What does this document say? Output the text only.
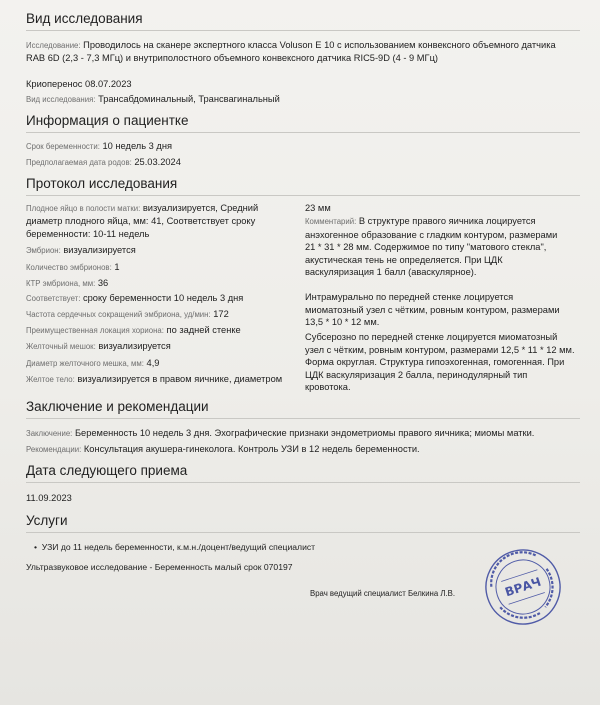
Вид исследования
Исследование: Проводилось на сканере экспертного класса Voluson E 10 с использованием конвексного объемного датчика
RAB 6D (2,3 - 7,3 МГц) и внутриполостного объемного конвексного датчика RIC5-9D (4 - 9 МГц)
Криоперенос 08.07.2023
Вид исследования: Трансабдоминальный, Трансвагинальный
Информация о пациентке
Срок беременности: 10 недель 3 дня
Предполагаемая дата родов: 25.03.2024
Протокол исследования
Плодное яйцо в полости матки: визуализируется, Средний
диаметр плодного яйца, мм: 41, Соответствует сроку
беременности: 10-11 недель
Эмбрион: визуализируется
Количество эмбрионов: 1
КТР эмбриона, мм: 36
Соответствует: сроку беременности 10 недель 3 дня
Частота сердечных сокращений эмбриона, уд/мин: 172
Преимущественная локация хориона: по задней стенке
Желточный мешок: визуализируется
Диаметр желточного мешка, мм: 4,9
Желтое тело: визуализируется в правом яичнике, диаметром
23 мм
Комментарий: В структуре правого яичника лоцируется
анэхогенное образование с гладким контуром, размерами
21 * 31 * 28 мм. Содержимое по типу "матового стекла",
акустическая тень не определяется. При ЦДК
васкуляризация 1 балл (аваскулярное).
Интрамурально по передней стенке лоцируется
миоматозный узел с чётким, ровным контуром, размерами
13,5 * 10 * 12 мм.
Субсерозно по передней стенке лоцируется миоматозный
узел с чётким, ровным контуром, размерами 12,5 * 11 * 12 мм.
Форма округлая. Структура гипоэхогенная, гомогенная. При
ЦДК васкуляризация 2 балла, перинодулярный тип
кровотока.
Заключение и рекомендации
Заключение: Беременность 10 недель 3 дня. Эхографические признаки эндометриомы правого яичника; миомы матки.
Рекомендации: Консультация акушера-гинеколога. Контроль УЗИ в 12 недель беременности.
Дата следующего приема
11.09.2023
Услуги
•  УЗИ до 11 недель беременности, к.м.н./доцент/ведущий специалист
Ультразвуковое исследование - Беременность малый срок 070197
Врач ведущий специалист Белкина Л.В.	ВРАЧ
